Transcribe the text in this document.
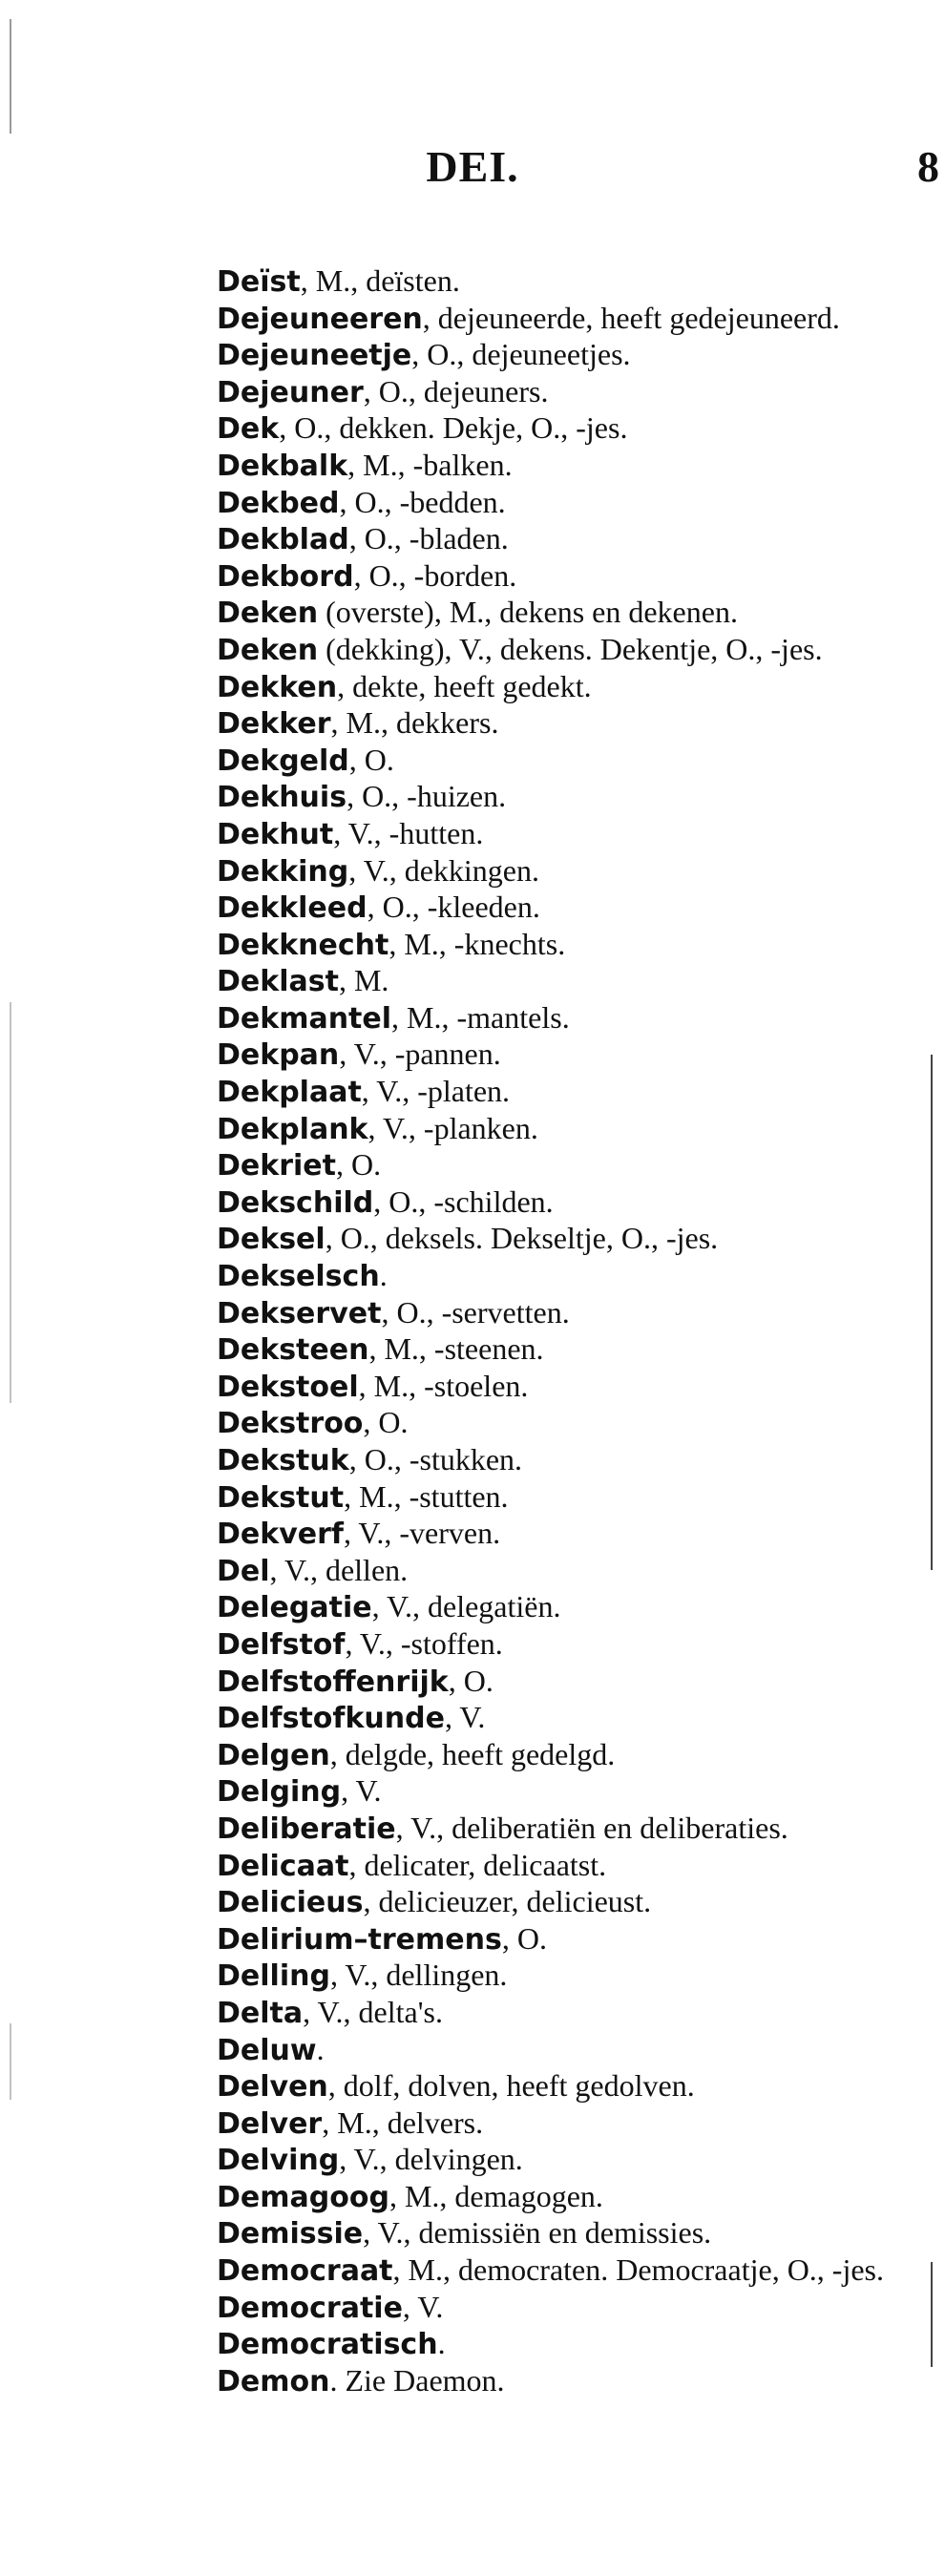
DEI.	8
Deïst, M., deïsten.
Dejeuneeren, dejeuneerde, heeft gedejeuneerd.
Dejeuneetje, O., dejeuneetjes.
Dejeuner, O., dejeuners.
Dek, O., dekken. Dekje, O., -jes.
Dekbalk, M., -balken.
Dekbed, O., -bedden.
Dekblad, O., -bladen.
Dekbord, O., -borden.
Deken (overste), M., dekens en dekenen.
Deken (dekking), V., dekens. Dekentje, O., -jes.
Dekken, dekte, heeft gedekt.
Dekker, M., dekkers.
Dekgeld, O.
Dekhuis, O., -huizen.
Dekhut, V., -hutten.
Dekking, V., dekkingen.
Dekkleed, O., -kleeden.
Dekknecht, M., -knechts.
Deklast, M.
Dekmantel, M., -mantels.
Dekpan, V., -pannen.
Dekplaat, V., -platen.
Dekplank, V., -planken.
Dekriet, O.
Dekschild, O., -schilden.
Deksel, O., deksels. Dekseltje, O., -jes.
Dekselsch.
Dekservet, O., -servetten.
Deksteen, M., -steenen.
Dekstoel, M., -stoelen.
Dekstroo, O.
Dekstuk, O., -stukken.
Dekstut, M., -stutten.
Dekverf, V., -verven.
Del, V., dellen.
Delegatie, V., delegatiën.
Delfstof, V., -stoffen.
Delfstoffenrijk, O.
Delfstofkunde, V.
Delgen, delgde, heeft gedelgd.
Delging, V.
Deliberatie, V., deliberatiën en deliberaties.
Delicaat, delicater, delicaatst.
Delicieus, delicieuzer, delicieust.
Delirium–tremens, O.
Delling, V., dellingen.
Delta, V., delta's.
Deluw.
Delven, dolf, dolven, heeft gedolven.
Delver, M., delvers.
Delving, V., delvingen.
Demagoog, M., demagogen.
Demissie, V., demissiën en demissies.
Democraat, M., democraten. Democraatje, O., -jes.
Democratie, V.
Democratisch.
Demon. Zie Daemon.
